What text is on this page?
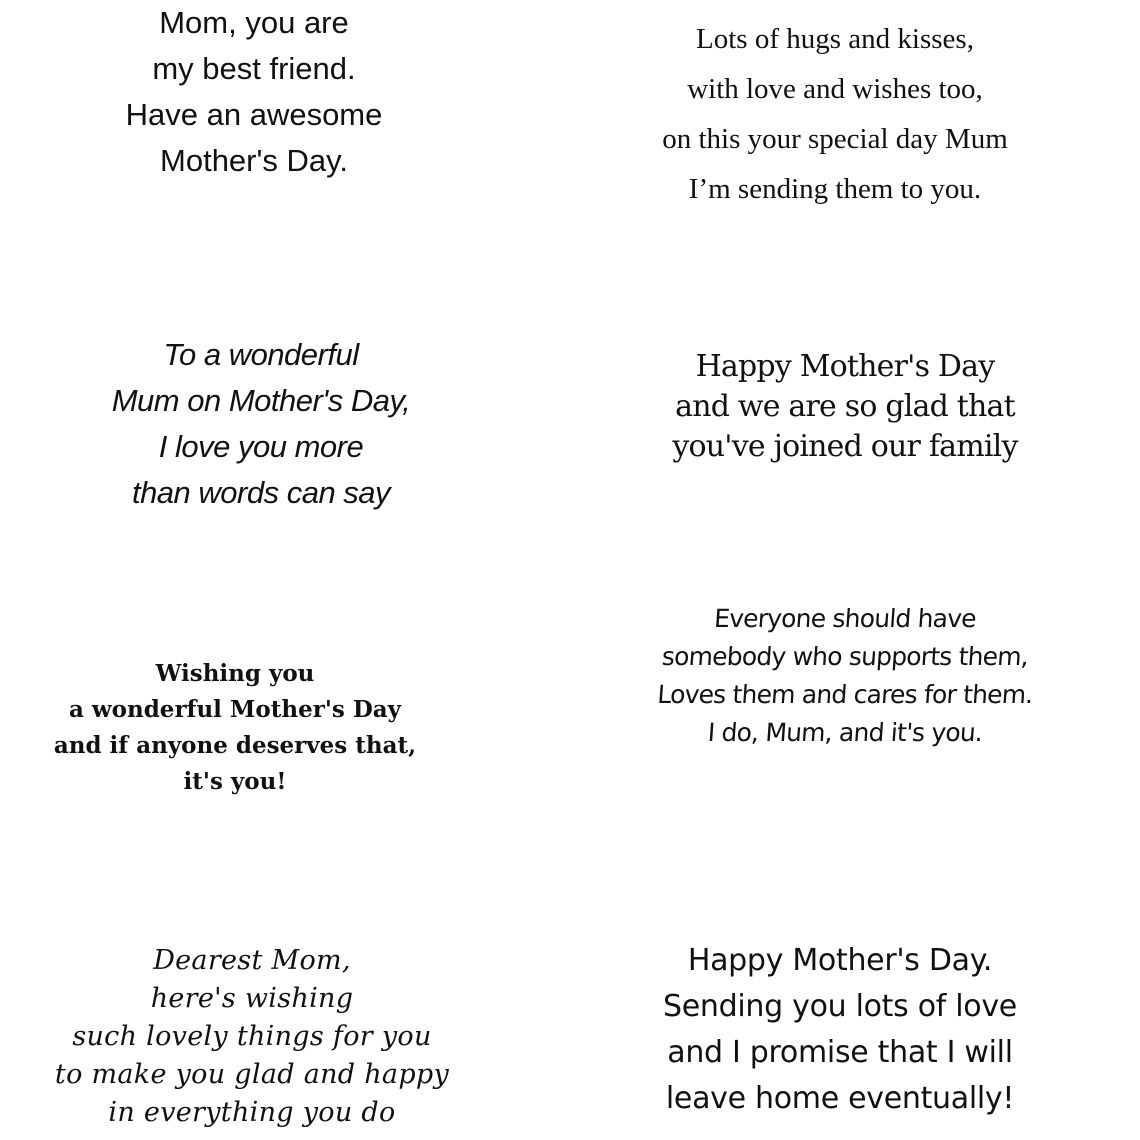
Mom, you are
my best friend.
Have an awesome
Mother's Day.
Lots of hugs and kisses,
with love and wishes too,
on this your special day Mum
I’m sending them to you.
To a wonderful
Mum on Mother's Day,
I love you more
than words can say
Happy Mother's Day
and we are so glad that
you've joined our family
Wishing you
a wonderful Mother's Day
and if anyone deserves that,
it's you!
Everyone should have
somebody who supports them,
Loves them and cares for them.
I do, Mum, and it's you.
Dearest Mom,
here's wishing
such lovely things for you
to make you glad and happy
in everything you do
Happy Mother's Day.
Sending you lots of love
and I promise that I will
leave home eventually!
